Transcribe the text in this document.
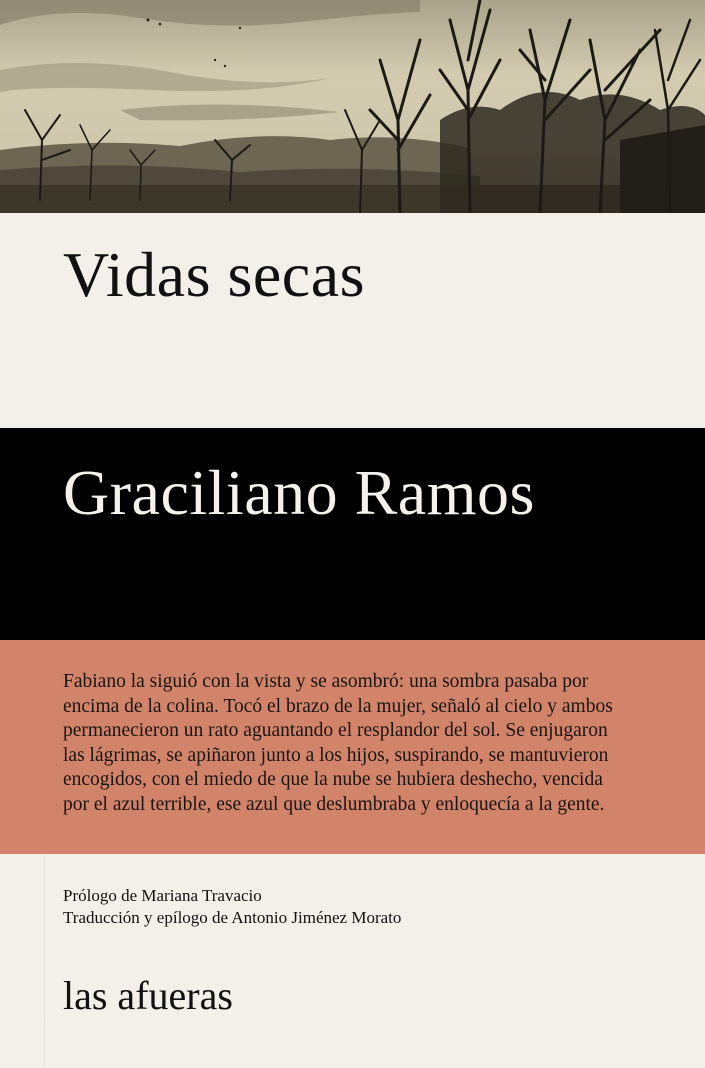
Vidas secas
Graciliano Ramos

Fabiano la siguió con la vista y se asombró: una sombra pasaba por
encima de la colina. Tocó el brazo de la mujer, señaló al cielo y ambos
permanecieron un rato aguantando el resplandor del sol. Se enjugaron
las lágrimas, se apiñaron junto a los hijos, suspirando, se mantuvieron
encogidos, con el miedo de que la nube se hubiera deshecho, vencida
por el azul terrible, ese azul que deslumbraba y enloquecía a la gente.

Prólogo de Mariana Travacio
Traducción y epílogo de Antonio Jiménez Morato
las afueras
